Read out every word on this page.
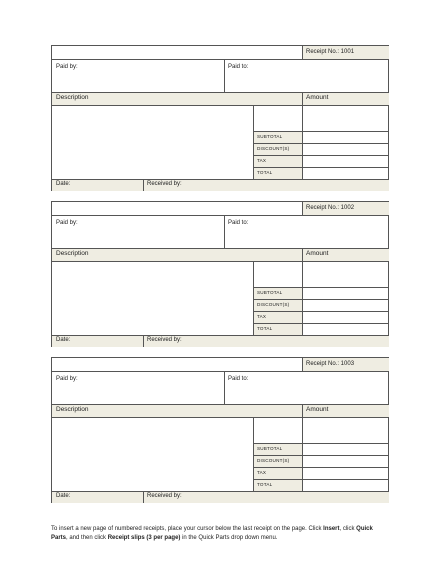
Receipt No.: 1001
Paid by:	Paid to:
Description	Amount
SUBTOTAL
DISCOUNT(S)
TAX
TOTAL
Date:	Received by:
Receipt No.: 1002
Paid by:	Paid to:
Description	Amount
SUBTOTAL
DISCOUNT(S)
TAX
TOTAL
Date:	Received by:
Receipt No.: 1003
Paid by:	Paid to:
Description	Amount
SUBTOTAL
DISCOUNT(S)
TAX
TOTAL
Date:	Received by:
To insert a new page of numbered receipts, place your cursor below the last receipt on the page. Click Insert, click Quick Parts, and then click Receipt slips (3 per page) in the Quick Parts drop down menu.
